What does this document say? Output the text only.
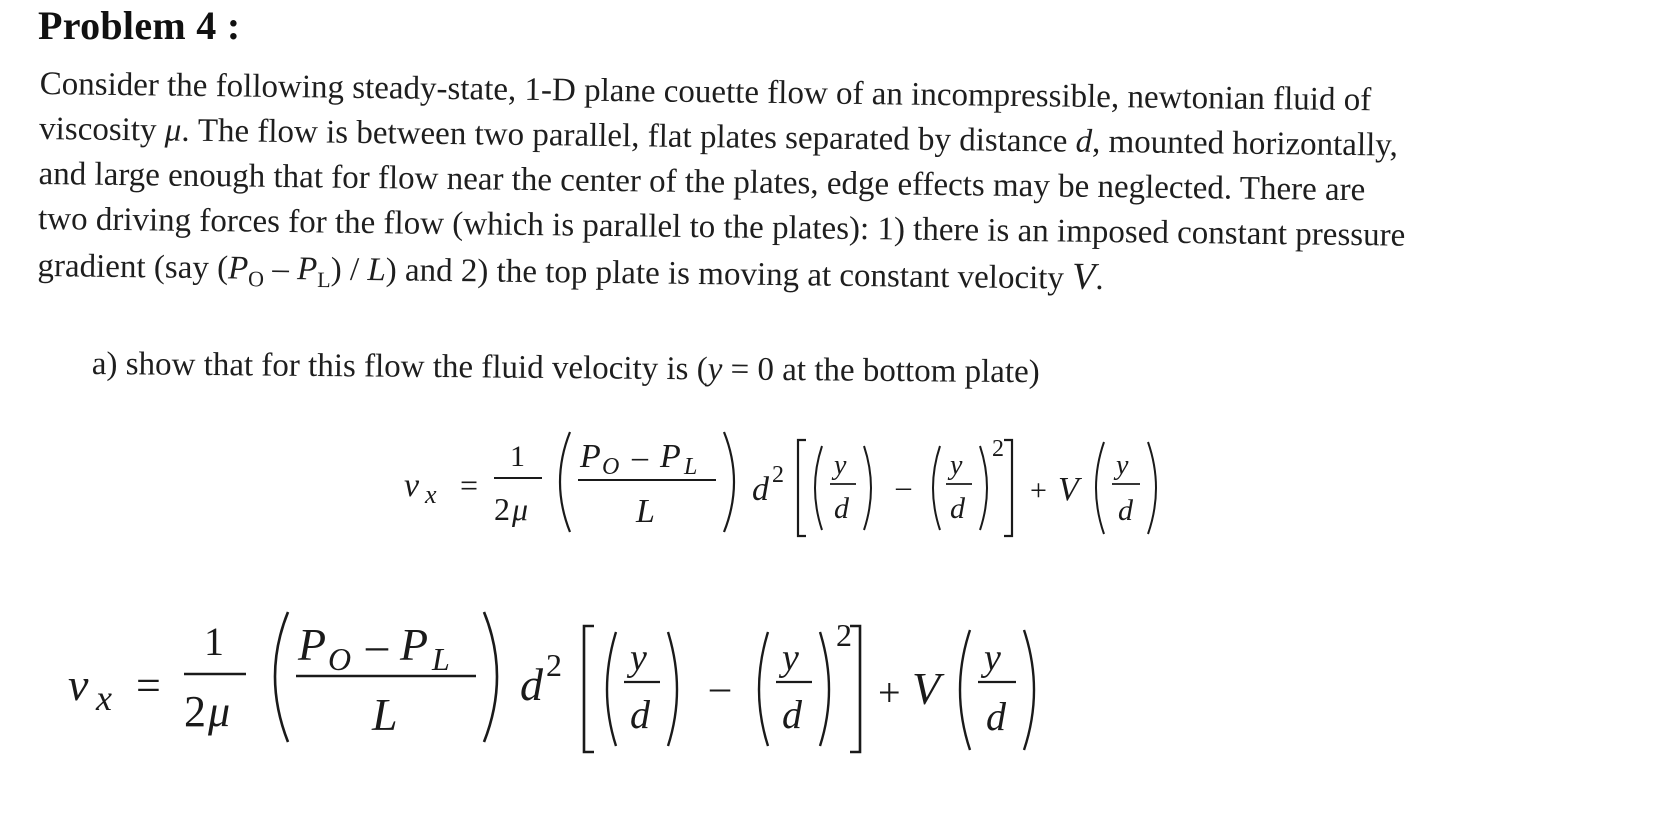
Problem 4 :
Consider the following steady-state, 1-D plane couette flow of an incompressible, newtonian fluid of
viscosity μ. The flow is between two parallel, flat plates separated by distance d, mounted horizontally,
and large enough that for flow near the center of the plates, edge effects may be neglected. There are
two driving forces for the flow (which is parallel to the plates): 1) there is an imposed constant pressure
gradient (say $(P_O - P_L) / L$) and 2) the top plate is moving at constant velocity V.
a) show that for this flow the fluid velocity is (y = 0 at the bottom plate)
v x =
1
2 μ
P O – P L
L
d 2 y
d
–
y
d
2
+ V
y
d
v x =
1
2 μ
P O – P L
L
d 2 y
d
–
y
d
2
+ V
y
d
